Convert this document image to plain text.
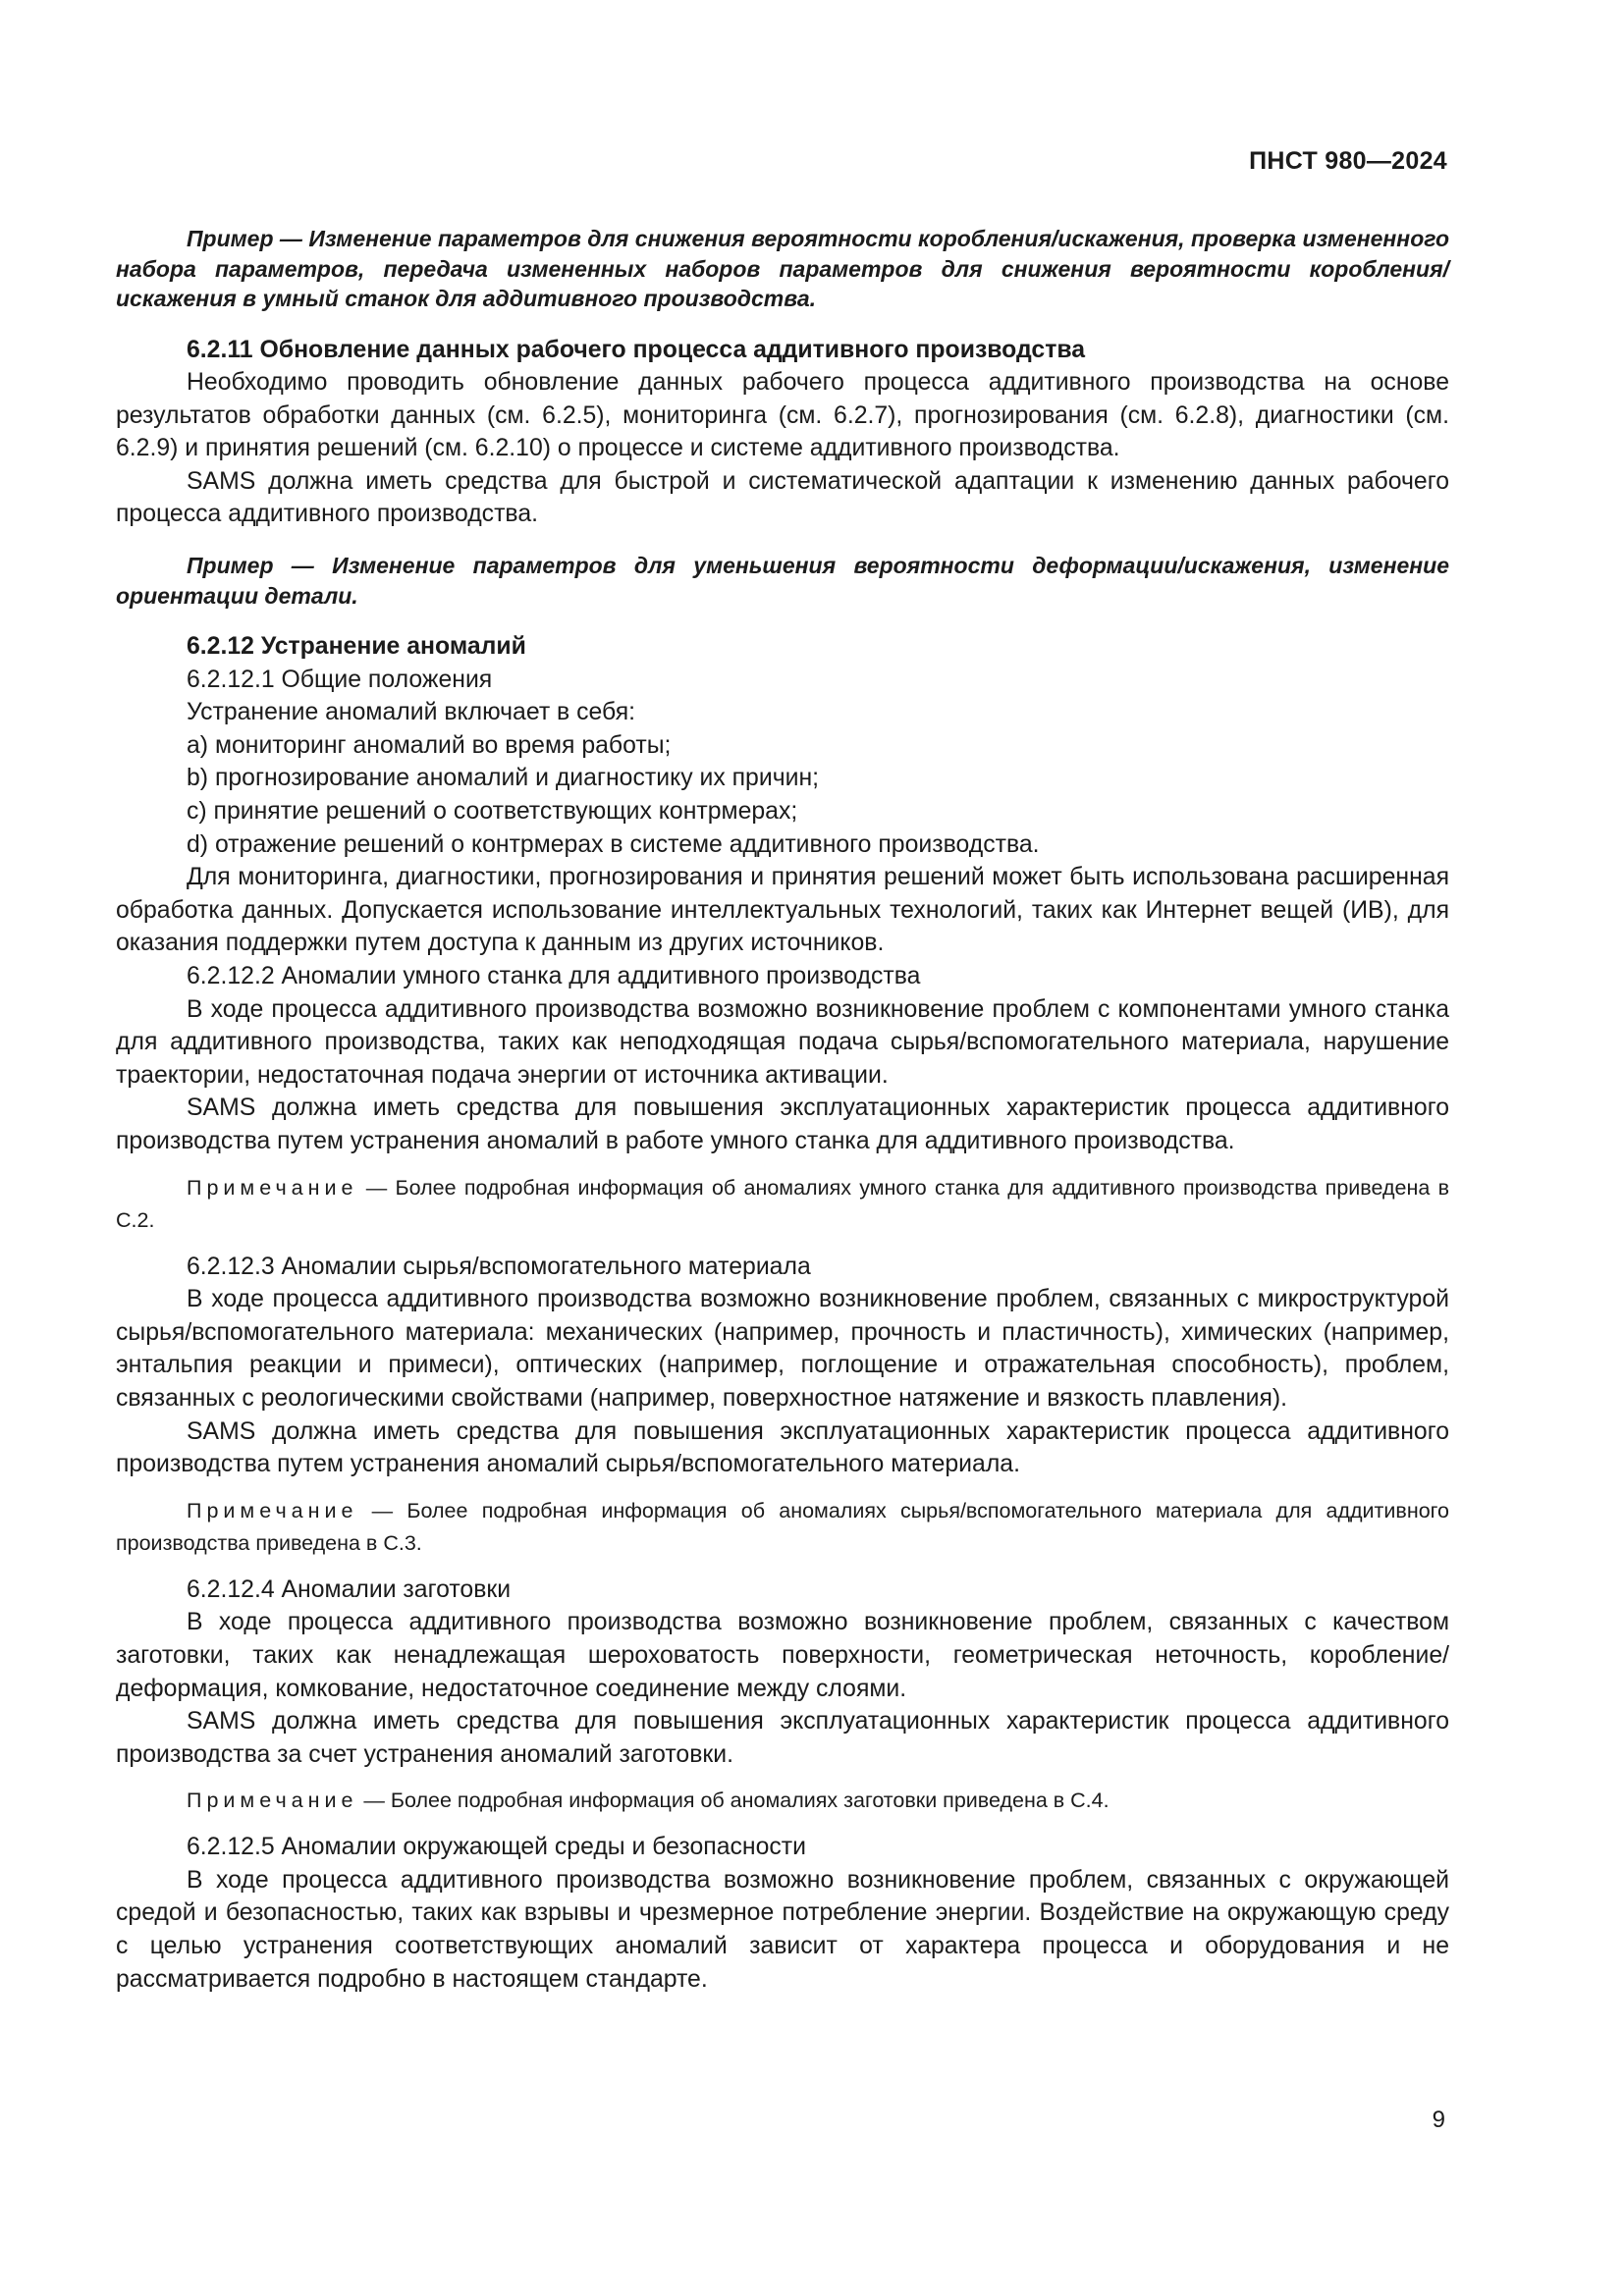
ПНСТ 980—2024

Пример — Изменение параметров для снижения вероятности коробления/искажения, проверка измененного набора параметров, передача измененных наборов параметров для снижения вероятности коробления/искажения в умный станок для аддитивного производства.

6.2.11 Обновление данных рабочего процесса аддитивного производства

Необходимо проводить обновление данных рабочего процесса аддитивного производства на основе результатов обработки данных (см. 6.2.5), мониторинга (см. 6.2.7), прогнозирования (см. 6.2.8), диагностики (см. 6.2.9) и принятия решений (см. 6.2.10) о процессе и системе аддитивного производства.

SAMS должна иметь средства для быстрой и систематической адаптации к изменению данных рабочего процесса аддитивного производства.

Пример — Изменение параметров для уменьшения вероятности деформации/искажения, изменение ориентации детали.

6.2.12 Устранение аномалий

6.2.12.1 Общие положения

Устранение аномалий включает в себя:

a) мониторинг аномалий во время работы;

b) прогнозирование аномалий и диагностику их причин;

c) принятие решений о соответствующих контрмерах;

d) отражение решений о контрмерах в системе аддитивного производства.

Для мониторинга, диагностики, прогнозирования и принятия решений может быть использована расширенная обработка данных. Допускается использование интеллектуальных технологий, таких как Интернет вещей (ИВ), для оказания поддержки путем доступа к данным из других источников.

6.2.12.2 Аномалии умного станка для аддитивного производства

В ходе процесса аддитивного производства возможно возникновение проблем с компонентами умного станка для аддитивного производства, таких как неподходящая подача сырья/вспомогательного материала, нарушение траектории, недостаточная подача энергии от источника активации.

SAMS должна иметь средства для повышения эксплуатационных характеристик процесса аддитивного производства путем устранения аномалий в работе умного станка для аддитивного производства.

Примечание — Более подробная информация об аномалиях умного станка для аддитивного производства приведена в С.2.

6.2.12.3 Аномалии сырья/вспомогательного материала

В ходе процесса аддитивного производства возможно возникновение проблем, связанных с микроструктурой сырья/вспомогательного материала: механических (например, прочность и пластичность), химических (например, энтальпия реакции и примеси), оптических (например, поглощение и отражательная способность), проблем, связанных с реологическими свойствами (например, поверхностное натяжение и вязкость плавления).

SAMS должна иметь средства для повышения эксплуатационных характеристик процесса аддитивного производства путем устранения аномалий сырья/вспомогательного материала.

Примечание — Более подробная информация об аномалиях сырья/вспомогательного материала для аддитивного производства приведена в С.3.

6.2.12.4 Аномалии заготовки

В ходе процесса аддитивного производства возможно возникновение проблем, связанных с качеством заготовки, таких как ненадлежащая шероховатость поверхности, геометрическая неточность, коробление/деформация, комкование, недостаточное соединение между слоями.

SAMS должна иметь средства для повышения эксплуатационных характеристик процесса аддитивного производства за счет устранения аномалий заготовки.

Примечание — Более подробная информация об аномалиях заготовки приведена в С.4.

6.2.12.5 Аномалии окружающей среды и безопасности

В ходе процесса аддитивного производства возможно возникновение проблем, связанных с окружающей средой и безопасностью, таких как взрывы и чрезмерное потребление энергии. Воздействие на окружающую среду с целью устранения соответствующих аномалий зависит от характера процесса и оборудования и не рассматривается подробно в настоящем стандарте.

9
